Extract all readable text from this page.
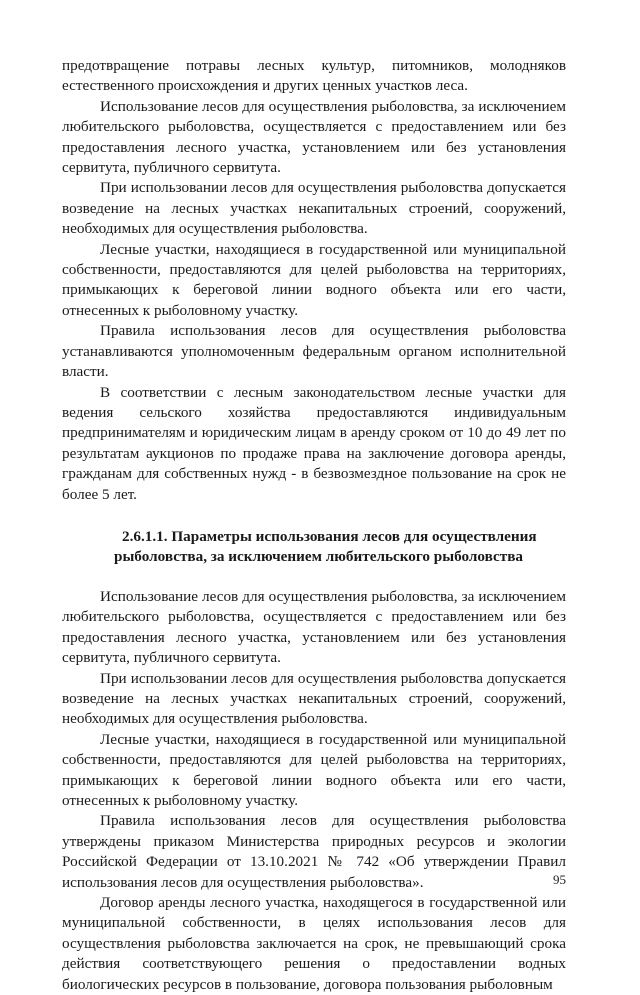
предотвращение потравы лесных культур, питомников, молодняков естественного происхождения и других ценных участков леса.

Использование лесов для осуществления рыболовства, за исключением любительского рыболовства, осуществляется с предоставлением или без предоставления лесного участка, установлением или без установления сервитута, публичного сервитута.

При использовании лесов для осуществления рыболовства допускается возведение на лесных участках некапитальных строений, сооружений, необходимых для осуществления рыболовства.

Лесные участки, находящиеся в государственной или муниципальной собственности, предоставляются для целей рыболовства на территориях, примыкающих к береговой линии водного объекта или его части, отнесенных к рыболовному участку.

Правила использования лесов для осуществления рыболовства устанавливаются уполномоченным федеральным органом исполнительной власти.

В соответствии с лесным законодательством лесные участки для ведения сельского хозяйства предоставляются индивидуальным предпринимателям и юридическим лицам в аренду сроком от 10 до 49 лет по результатам аукционов по продаже права на заключение договора аренды, гражданам для собственных нужд - в безвозмездное пользование на срок не более 5 лет.

2.6.1.1. Параметры использования лесов для осуществления
рыболовства, за исключением любительского рыболовства

Использование лесов для осуществления рыболовства, за исключением любительского рыболовства, осуществляется с предоставлением или без предоставления лесного участка, установлением или без установления сервитута, публичного сервитута.

При использовании лесов для осуществления рыболовства допускается возведение на лесных участках некапитальных строений, сооружений, необходимых для осуществления рыболовства.

Лесные участки, находящиеся в государственной или муниципальной собственности, предоставляются для целей рыболовства на территориях, примыкающих к береговой линии водного объекта или его части, отнесенных к рыболовному участку.

Правила использования лесов для осуществления рыболовства утверждены приказом Министерства природных ресурсов и экологии Российской Федерации от 13.10.2021 № 742 «Об утверждении Правил использования лесов для осуществления рыболовства».

Договор аренды лесного участка, находящегося в государственной или муниципальной собственности, в целях использования лесов для осуществления рыболовства заключается на срок, не превышающий срока действия соответствующего решения о предоставлении водных биологических ресурсов в пользование, договора пользования рыболовным

95
